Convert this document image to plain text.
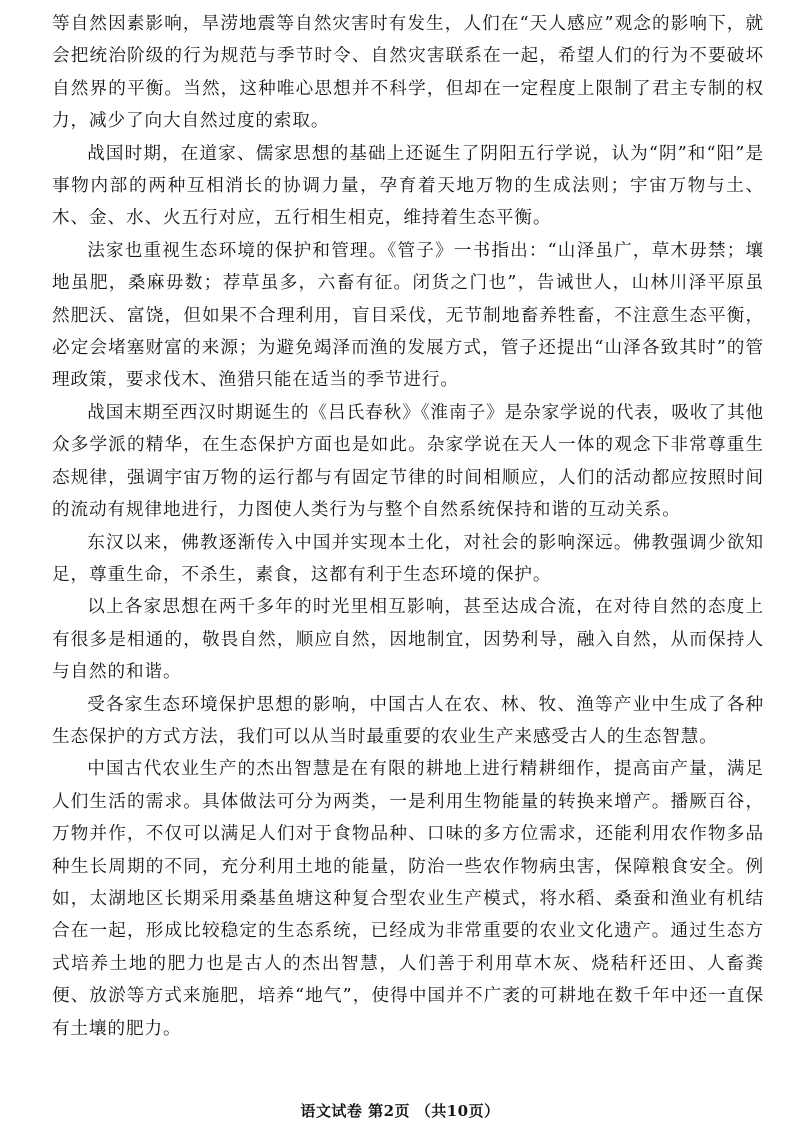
等自然因素影响，旱涝地震等自然灾害时有发生，人们在“天人感应”观念的影响下，就会把统治阶级的行为规范与季节时令、自然灾害联系在一起，希望人们的行为不要破坏自然界的平衡。当然，这种唯心思想并不科学，但却在一定程度上限制了君主专制的权力，减少了向大自然过度的索取。

战国时期，在道家、儒家思想的基础上还诞生了阴阳五行学说，认为“阴”和“阳”是事物内部的两种互相消长的协调力量，孕育着天地万物的生成法则；宇宙万物与土、木、金、水、火五行对应，五行相生相克，维持着生态平衡。

法家也重视生态环境的保护和管理。《管子》一书指出：“山泽虽广，草木毋禁；壤地虽肥，桑麻毋数；荐草虽多，六畜有征。闭货之门也”，告诫世人，山林川泽平原虽然肥沃、富饶，但如果不合理利用，盲目采伐，无节制地畜养牲畜，不注意生态平衡，必定会堵塞财富的来源；为避免竭泽而渔的发展方式，管子还提出“山泽各致其时”的管理政策，要求伐木、渔猎只能在适当的季节进行。

战国末期至西汉时期诞生的《吕氏春秋》《淮南子》是杂家学说的代表，吸收了其他众多学派的精华，在生态保护方面也是如此。杂家学说在天人一体的观念下非常尊重生态规律，强调宇宙万物的运行都与有固定节律的时间相顺应，人们的活动都应按照时间的流动有规律地进行，力图使人类行为与整个自然系统保持和谐的互动关系。

东汉以来，佛教逐渐传入中国并实现本土化，对社会的影响深远。佛教强调少欲知足，尊重生命，不杀生，素食，这都有利于生态环境的保护。

以上各家思想在两千多年的时光里相互影响，甚至达成合流，在对待自然的态度上有很多是相通的，敬畏自然，顺应自然，因地制宜，因势利导，融入自然，从而保持人与自然的和谐。

受各家生态环境保护思想的影响，中国古人在农、林、牧、渔等产业中生成了各种生态保护的方式方法，我们可以从当时最重要的农业生产来感受古人的生态智慧。

中国古代农业生产的杰出智慧是在有限的耕地上进行精耕细作，提高亩产量，满足人们生活的需求。具体做法可分为两类，一是利用生物能量的转换来增产。播厥百谷，万物并作，不仅可以满足人们对于食物品种、口味的多方位需求，还能利用农作物多品种生长周期的不同，充分利用土地的能量，防治一些农作物病虫害，保障粮食安全。例如，太湖地区长期采用桑基鱼塘这种复合型农业生产模式，将水稻、桑蚕和渔业有机结合在一起，形成比较稳定的生态系统，已经成为非常重要的农业文化遗产。通过生态方式培养土地的肥力也是古人的杰出智慧，人们善于利用草木灰、烧秸秆还田、人畜粪便、放淤等方式来施肥，培养“地气”，使得中国并不广袤的可耕地在数千年中还一直保有土壤的肥力。

语文试卷 第2页 （共10页）
